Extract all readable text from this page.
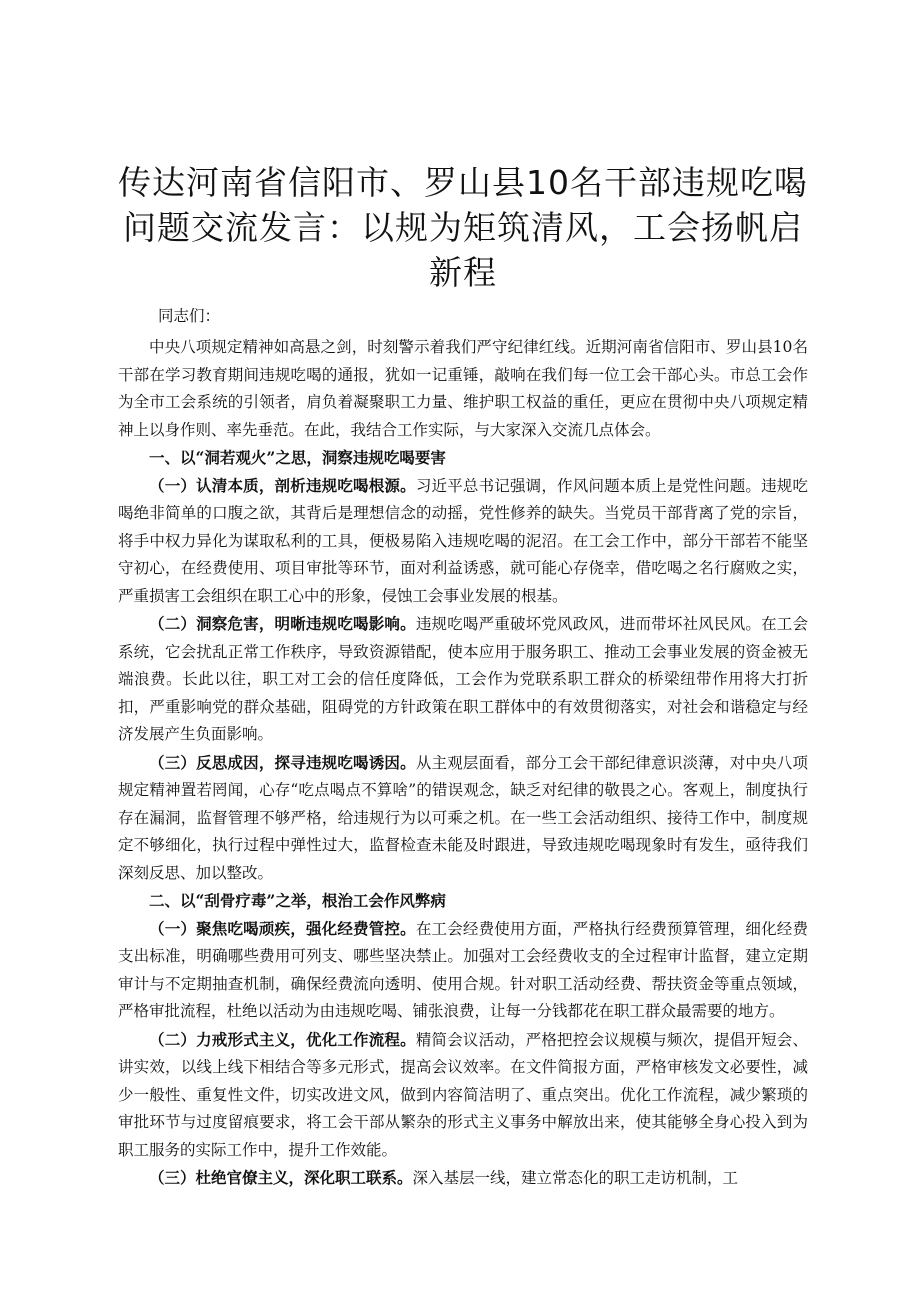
传达河南省信阳市、罗山县10名干部违规吃喝问题交流发言：以规为矩筑清风，工会扬帆启新程
同志们：

中央八项规定精神如高悬之剑，时刻警示着我们严守纪律红线。近期河南省信阳市、罗山县10名干部在学习教育期间违规吃喝的通报，犹如一记重锤，敲响在我们每一位工会干部心头。市总工会作为全市工会系统的引领者，肩负着凝聚职工力量、维护职工权益的重任，更应在贯彻中央八项规定精神上以身作则、率先垂范。在此，我结合工作实际，与大家深入交流几点体会。

一、以“洞若观火”之思，洞察违规吃喝要害

（一）认清本质，剖析违规吃喝根源。习近平总书记强调，作风问题本质上是党性问题。违规吃喝绝非简单的口腹之欲，其背后是理想信念的动摇，党性修养的缺失。当党员干部背离了党的宗旨，将手中权力异化为谋取私利的工具，便极易陷入违规吃喝的泥沼。在工会工作中，部分干部若不能坚守初心，在经费使用、项目审批等环节，面对利益诱惑，就可能心存侥幸，借吃喝之名行腐败之实，严重损害工会组织在职工心中的形象，侵蚀工会事业发展的根基。

（二）洞察危害，明晰违规吃喝影响。违规吃喝严重破坏党风政风，进而带坏社风民风。在工会系统，它会扰乱正常工作秩序，导致资源错配，使本应用于服务职工、推动工会事业发展的资金被无端浪费。长此以往，职工对工会的信任度降低，工会作为党联系职工群众的桥梁纽带作用将大打折扣，严重影响党的群众基础，阻碍党的方针政策在职工群体中的有效贯彻落实，对社会和谐稳定与经济发展产生负面影响。

（三）反思成因，探寻违规吃喝诱因。从主观层面看，部分工会干部纪律意识淡薄，对中央八项规定精神置若罔闻，心存“吃点喝点不算啥”的错误观念，缺乏对纪律的敬畏之心。客观上，制度执行存在漏洞，监督管理不够严格，给违规行为以可乘之机。在一些工会活动组织、接待工作中，制度规定不够细化，执行过程中弹性过大，监督检查未能及时跟进，导致违规吃喝现象时有发生，亟待我们深刻反思、加以整改。

二、以“刮骨疗毒”之举，根治工会作风弊病

（一）聚焦吃喝顽疾，强化经费管控。在工会经费使用方面，严格执行经费预算管理，细化经费支出标准，明确哪些费用可列支、哪些坚决禁止。加强对工会经费收支的全过程审计监督，建立定期审计与不定期抽查机制，确保经费流向透明、使用合规。针对职工活动经费、帮扶资金等重点领域，严格审批流程，杜绝以活动为由违规吃喝、铺张浪费，让每一分钱都花在职工群众最需要的地方。

（二）力戒形式主义，优化工作流程。精简会议活动，严格把控会议规模与频次，提倡开短会、讲实效，以线上线下相结合等多元形式，提高会议效率。在文件简报方面，严格审核发文必要性，减少一般性、重复性文件，切实改进文风，做到内容简洁明了、重点突出。优化工作流程，减少繁琐的审批环节与过度留痕要求，将工会干部从繁杂的形式主义事务中解放出来，使其能够全身心投入到为职工服务的实际工作中，提升工作效能。

（三）杜绝官僚主义，深化职工联系。深入基层一线，建立常态化的职工走访机制，工
